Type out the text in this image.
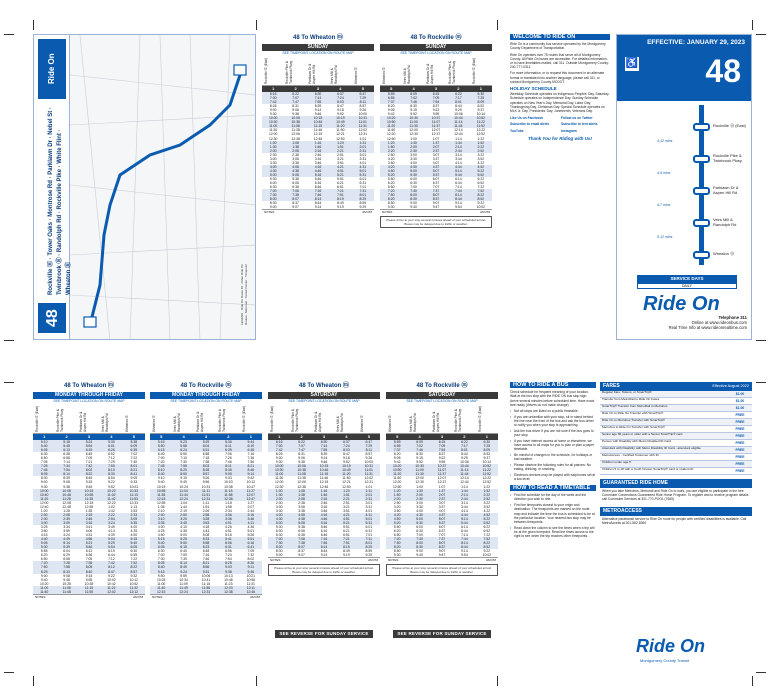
Ride On
Rockville ⓜ · Tower Oaks · Montrose Rd · Parklawn Dr · Nebel St · Twinbrook ⓜ · Randolph Rd · Rockville Pike · White Flint · Wheaton ⓜ
48	LEGEND · Ride On Route 48 · Other Ride On Routes · Metrorail · Transit Center · Timepoint
48 To Wheaton ⓜ
SUNDAY
SEE TIMEPOINT LOCATION ON ROUTE MAP
Rockville ⓜ (East)	Rockville Pike & Twinbrook Pkwy	Parklawn Dr & Aspen Hill Rd	Veirs Mill & Randolph Rd	Wheaton ⓜ
1	2	3	4	5
6:16	6:22	6:30	6:37	6:47
7:00	7:07	7:14	7:24	7:29
7:42	7:47	7:55	8:03	8:11
8:26	8:31	8:39	8:47	8:57
9:00	9:06	9:14	9:18	9:26
9:30	9:38	9:46	9:52	10:00
10:00	10:06	10:15	10:19	10:31
10:30	10:38	10:46	10:49	11:01
11:00	11:08	11:15	11:20	11:31
11:30	11:38	11:46	11:50	12:02
12:00	12:06	12:15	12:21	12:31
12:30	12:38	12:46	12:50	1:01
1:00	1:08	1:16	1:20	1:31
1:30	1:38	1:46	1:51	2:01
2:00	2:08	2:16	2:21	2:31
2:30	2:38	2:46	2:51	3:01
3:00	3:08	3:16	3:21	3:31
3:30	3:38	3:46	3:51	4:01
4:00	4:08	4:16	4:21	4:31
4:30	4:38	4:46	4:51	5:01
5:00	5:08	5:16	5:21	5:31
5:30	5:38	5:46	5:51	6:01
6:00	6:08	6:16	6:21	6:31
6:30	6:38	6:46	6:51	7:01
7:00	7:08	7:16	7:21	7:31
7:30	7:38	7:46	7:51	8:01
8:00	8:07	8:14	8:19	8:29
8:30	8:37	8:44	8:49	8:59
9:00	9:07	9:14	9:19	9:29
NOTES	AM PM
48 To Rockville ⓜ
SUNDAY
SEE TIMEPOINT LOCATION ON ROUTE MAP
Wheaton ⓜ	Veirs Mill & Randolph Rd	Parklawn Dr & Aspen Hill Rd	Rockville Pike & Twinbrook Pkwy	Rockville ⓜ (East)
5	4	3	2	1
5:59	6:09	6:15	6:22	6:30
6:55	7:02	7:09	7:17	7:25
7:37	7:46	7:54	8:01	8:09
8:20	8:30	8:37	8:44	8:52
9:05	9:15	9:22	9:29	9:37
9:42	9:52	9:59	10:06	10:14
10:20	10:30	10:37	10:44	10:52
10:50	11:00	11:07	11:14	11:22
11:20	11:30	11:37	11:44	11:52
11:50	12:00	12:07	12:14	12:22
12:20	12:30	12:37	12:44	12:52
12:50	1:00	1:07	1:14	1:22
1:20	1:30	1:37	1:44	1:52
1:50	2:00	2:07	2:14	2:22
2:20	2:30	2:37	2:44	2:52
2:50	3:00	3:07	3:14	3:22
3:20	3:30	3:37	3:44	3:52
3:50	4:00	4:07	4:14	4:22
4:20	4:30	4:37	4:44	4:52
4:50	5:00	5:07	5:14	5:22
5:20	5:30	5:37	5:44	5:52
5:50	6:00	6:07	6:14	6:22
6:20	6:30	6:37	6:44	6:52
6:50	7:00	7:07	7:14	7:22
7:20	7:30	7:37	7:44	7:52
7:50	8:00	8:07	8:14	8:22
8:20	8:30	8:37	8:44	8:52
8:50	9:00	9:07	9:14	9:22
9:30	9:40	9:47	9:54	10:02
NOTES	AM PM
Please arrive at your stop several minutes ahead of your scheduled arrival. Buses may be delayed due to traffic or weather.
WELCOME TO RIDE ON

Ride On is a community bus service operated by the Montgomery County Department of Transportation.

Ride On operates over 75 routes that serve all of Montgomery County. All Ride On buses are accessible. For detailed information, or to have timetables mailed, call 311. Outside Montgomery County: 240-777-0311.

For more information, or to request this document in an alternate format or translated into another language, please call 311, or contact Montgomery County MCDOT.

HOLIDAY SCHEDULE

Weekday Schedule operates on Indigenous Peoples' Day. Saturday Schedule operates on Independence Day. Sunday Schedule operates on New Year's Day, Memorial Day, Labor Day, Thanksgiving Day, Christmas Day. Special Schedule operates on MLK Jr. Day, Presidents' Day, Juneteenth, Veterans Day.

Like Us on Facebook	Follow us on Twitter
Subscribe to email alerts	Subscribe to text alerts
YouTube	Instagram

Thank You for Riding with Us!

EFFECTIVE: JANUARY 29, 2023
♿ 48
Rockville ⓜ (East)
Rockville Pike & Twinbrook Pkwy
Parklawn Dr & Aspen Hill Rd
Veirs Mill & Randolph Rd
Wheaton ⓜ
4-12 mins
4-9 mins
4-7 mins
5-12 mins
SERVICE DAYS
DAILY
Ride On
Telephone 311
Online at www.rideonbus.com
Real Time Info at www.rideonrealtime.com
48 To Wheaton ⓜ
MONDAY THROUGH FRIDAY
SEE TIMEPOINT LOCATION ON ROUTE MAP
Rockville ⓜ (East)	Rockville Pike & Twinbrook Pkwy	Parklawn Dr & Aspen Hill Rd	Veirs Mill & Randolph Rd	Wheaton ⓜ
1	2	3	4	5
5:10	5:18	5:24	5:30	5:38
5:40	5:48	5:54	6:01	6:09
6:05	6:13	6:19	6:26	6:35
6:30	6:38	6:45	6:52	7:02
6:50	6:58	7:05	7:12	7:22
7:05	7:14	7:21	7:29	7:40
7:25	7:34	7:42	7:50	8:01
7:45	7:54	8:02	8:10	8:21
8:05	8:14	8:22	8:30	8:41
8:30	8:39	8:46	8:54	9:05
9:00	9:08	9:15	9:22	9:33
9:30	9:38	9:45	9:52	10:03
10:00	10:08	10:15	10:22	10:33
10:40	10:48	10:55	11:02	11:13
11:20	11:28	11:35	11:42	11:53
12:00	12:08	12:15	12:22	12:33
12:40	12:48	12:55	1:02	1:13
1:20	1:28	1:35	1:42	1:53
2:00	2:08	2:15	2:22	2:33
2:30	2:39	2:46	2:54	3:05
3:00	3:09	3:16	3:24	3:35
3:25	3:34	3:41	3:49	4:00
3:50	3:59	4:06	4:14	4:25
4:15	4:24	4:31	4:39	4:50
4:40	4:49	4:56	5:04	5:15
5:05	5:14	5:21	5:29	5:40
5:30	5:39	5:46	5:54	6:05
5:55	6:04	6:11	6:19	6:30
6:20	6:29	6:36	6:44	6:55
6:50	6:58	7:05	7:12	7:22
7:20	7:28	7:35	7:42	7:52
7:50	7:58	8:05	8:12	8:22
8:25	8:33	8:40	8:47	8:57
9:00	9:08	9:15	9:22	9:32
9:40	9:48	9:55	10:02	10:12
10:20	10:28	10:35	10:42	10:52
11:00	11:08	11:15	11:22	11:32
11:40	11:48	11:55	12:02	12:12
NOTES	AM PM
48 To Rockville ⓜ
MONDAY THROUGH FRIDAY
SEE TIMEPOINT LOCATION ON ROUTE MAP
Wheaton ⓜ	Veirs Mill & Randolph Rd	Parklawn Dr & Aspen Hill Rd	Rockville Pike & Twinbrook Pkwy	Rockville ⓜ (East)
5	4	3	2	1
5:15	5:23	5:29	5:36	5:44
5:50	5:58	6:04	6:11	6:19
6:15	6:24	6:31	6:39	6:48
6:40	6:50	6:58	7:06	7:16
7:00	7:10	7:18	7:26	7:36
7:20	7:30	7:38	7:46	7:56
7:45	7:55	8:03	8:11	8:21
8:10	8:20	8:28	8:36	8:46
8:40	8:50	8:57	9:05	9:14
9:10	9:19	9:26	9:33	9:42
9:40	9:49	9:56	10:03	10:12
10:15	10:24	10:31	10:38	10:47
10:55	11:04	11:11	11:18	11:27
11:35	11:44	11:51	11:58	12:07
12:15	12:24	12:31	12:38	12:47
12:55	1:04	1:11	1:18	1:27
1:35	1:44	1:51	1:58	2:07
2:10	2:19	2:26	2:34	2:44
2:40	2:50	2:58	3:06	3:16
3:10	3:20	3:28	3:36	3:46
3:35	3:45	3:53	4:01	4:11
4:00	4:10	4:18	4:26	4:36
4:25	4:35	4:43	4:51	5:01
4:50	5:00	5:08	5:16	5:26
5:15	5:25	5:33	5:41	5:51
5:40	5:50	5:58	6:06	6:16
6:05	6:15	6:23	6:31	6:41
6:30	6:40	6:48	6:56	7:05
7:00	7:09	7:16	7:24	7:32
7:30	7:39	7:46	7:54	8:02
8:05	8:14	8:21	8:28	8:36
8:40	8:49	8:56	9:03	9:11
9:15	9:24	9:31	9:38	9:46
9:50	9:59	10:06	10:13	10:21
10:25	10:34	10:41	10:48	10:56
11:00	11:09	11:16	11:23	11:31
11:40	11:49	11:56	12:03	12:11
12:15	12:24	12:31	12:38	12:46
NOTES	AM PM
48 To Wheaton ⓜ
SATURDAY
SEE TIMEPOINT LOCATION ON ROUTE MAP
Rockville ⓜ (East)	Rockville Pike & Twinbrook Pkwy	Parklawn Dr & Aspen Hill Rd	Veirs Mill & Randolph Rd	Wheaton ⓜ
1	2	3	4	5
6:16	6:22	6:30	6:37	6:47
7:00	7:07	7:14	7:24	7:29
7:42	7:47	7:55	8:03	8:11
8:26	8:31	8:39	8:47	8:57
9:00	9:06	9:14	9:18	9:26
9:30	9:38	9:46	9:52	10:00
10:00	10:06	10:15	10:19	10:31
10:30	10:38	10:46	10:49	11:01
11:00	11:08	11:15	11:20	11:31
11:30	11:38	11:46	11:50	12:02
12:00	12:06	12:15	12:21	12:31
12:30	12:38	12:46	12:50	1:01
1:00	1:08	1:16	1:20	1:31
1:30	1:38	1:46	1:51	2:01
2:00	2:08	2:16	2:21	2:31
2:30	2:38	2:46	2:51	3:01
3:00	3:08	3:16	3:21	3:31
3:30	3:38	3:46	3:51	4:01
4:00	4:08	4:16	4:21	4:31
4:30	4:38	4:46	4:51	5:01
5:00	5:08	5:16	5:21	5:31
5:30	5:38	5:46	5:51	6:01
6:00	6:08	6:16	6:21	6:31
6:30	6:38	6:46	6:51	7:01
7:00	7:08	7:16	7:21	7:31
7:30	7:38	7:46	7:51	8:01
8:00	8:07	8:14	8:19	8:29
8:30	8:37	8:44	8:49	8:59
9:00	9:07	9:14	9:19	9:29
NOTES	AM PM
Please arrive at your stop several minutes ahead of your scheduled arrival. Buses may be delayed due to traffic or weather.
48 To Rockville ⓜ
SATURDAY
SEE TIMEPOINT LOCATION ON ROUTE MAP
Wheaton ⓜ	Veirs Mill & Randolph Rd	Parklawn Dr & Aspen Hill Rd	Rockville Pike & Twinbrook Pkwy	Rockville ⓜ (East)
5	4	3	2	1
5:59	6:09	6:15	6:22	6:30
6:55	7:02	7:09	7:17	7:25
7:37	7:46	7:54	8:01	8:09
8:20	8:30	8:37	8:44	8:52
9:05	9:15	9:22	9:29	9:37
9:42	9:52	9:59	10:06	10:14
10:20	10:30	10:37	10:44	10:52
10:50	11:00	11:07	11:14	11:22
11:20	11:30	11:37	11:44	11:52
11:50	12:00	12:07	12:14	12:22
12:20	12:30	12:37	12:44	12:52
12:50	1:00	1:07	1:14	1:22
1:20	1:30	1:37	1:44	1:52
1:50	2:00	2:07	2:14	2:22
2:20	2:30	2:37	2:44	2:52
2:50	3:00	3:07	3:14	3:22
3:20	3:30	3:37	3:44	3:52
3:50	4:00	4:07	4:14	4:22
4:20	4:30	4:37	4:44	4:52
4:50	5:00	5:07	5:14	5:22
5:20	5:30	5:37	5:44	5:52
5:50	6:00	6:07	6:14	6:22
6:20	6:30	6:37	6:44	6:52
6:50	7:00	7:07	7:14	7:22
7:20	7:30	7:37	7:44	7:52
7:50	8:00	8:07	8:14	8:22
8:20	8:30	8:37	8:44	8:52
8:50	9:00	9:07	9:14	9:22
9:30	9:40	9:47	9:54	10:02
NOTES	AM PM
Please arrive at your stop several minutes ahead of your scheduled arrival. Buses may be delayed due to traffic or weather.
SEE REVERSE FOR SUNDAY SERVICE	SEE REVERSE FOR SUNDAY SERVICE
HOW TO RIDE A BUS

Check schedule for frequent meaning of your location. Wait at the bus stop with the RIDE ON bus stop sign. Arrive several minutes before scheduled time. Have exact fare ready (drivers do not make change).

• Not all stops are listed on a public timetable.
• If you are unfamiliar with your stop, sit or stand behind the line near the front of the bus and ask the bus driver to notify you when your stop is approaching.
• Ask the bus driver if you are not sure if the bus goes to your stop.
• If you have internet access at home or elsewhere, we have access to all maps for you to plan or plan a paper timetable.
• Be mindful of changes in the schedule, for holidays or bad weather.
• Please observe the following rules for all patrons: No eating, drinking, or smoking.
• Electronic devices may be played with earphones set at a low level.
HOW TO READ A TIMETABLE
• Find the schedule for the day of the week and the direction you wish to ride.
• Find the timepoints closest to your origin and destination. The timepoints are marked on the route map and indicate the time the bus is scheduled to be at the particular location. Your nearest bus stop may be between timepoints.
• Read down the column to see the times when a trip will be at the given timepoint. Read the times across to the right to see when the trip reaches other timepoints.
FARES	Effective August 2022
Regular Fare, Tokens, or SmarTrip®	$1.00
Transfer from MetroRail to Ride On buses	$1.00
SmarTrip® Transfer from MetroRail to Metrobus	$1.00
Ride On to Ride On Transfer with SmarTrip®	FREE
Ride On to Metrobus Transfer with SmarTrip®	FREE
Metrobus to Ride On Transfer with SmarTrip®	FREE
Senior age 65 years or older with a Senior SmarTrip® card	FREE
Person with Disability with Metro Disabled ID Card	FREE
Attendant with Disability with Metro Disability ID Card - attendant eligible	FREE
MetroAccess - Certified Customer with ID	FREE
Children under age 5	FREE
Children 5 to 18 with a Youth Cruiser SmarTrip® card or student ID	FREE
GUARANTEED RIDE HOME
When you take Metrobus, Metrorail and Ride On to work, you are eligible to participate in the free Commuter Connections Guaranteed Ride Home Program. To register and to receive program details call Commuter Services at 301-770-POOL (7665)
METROACCESS
Alternative paratransit service to Ride On route for people with certified disabilities is available. Call MetroAccess at 301-562-5360
Ride On
Montgomery County Transit
